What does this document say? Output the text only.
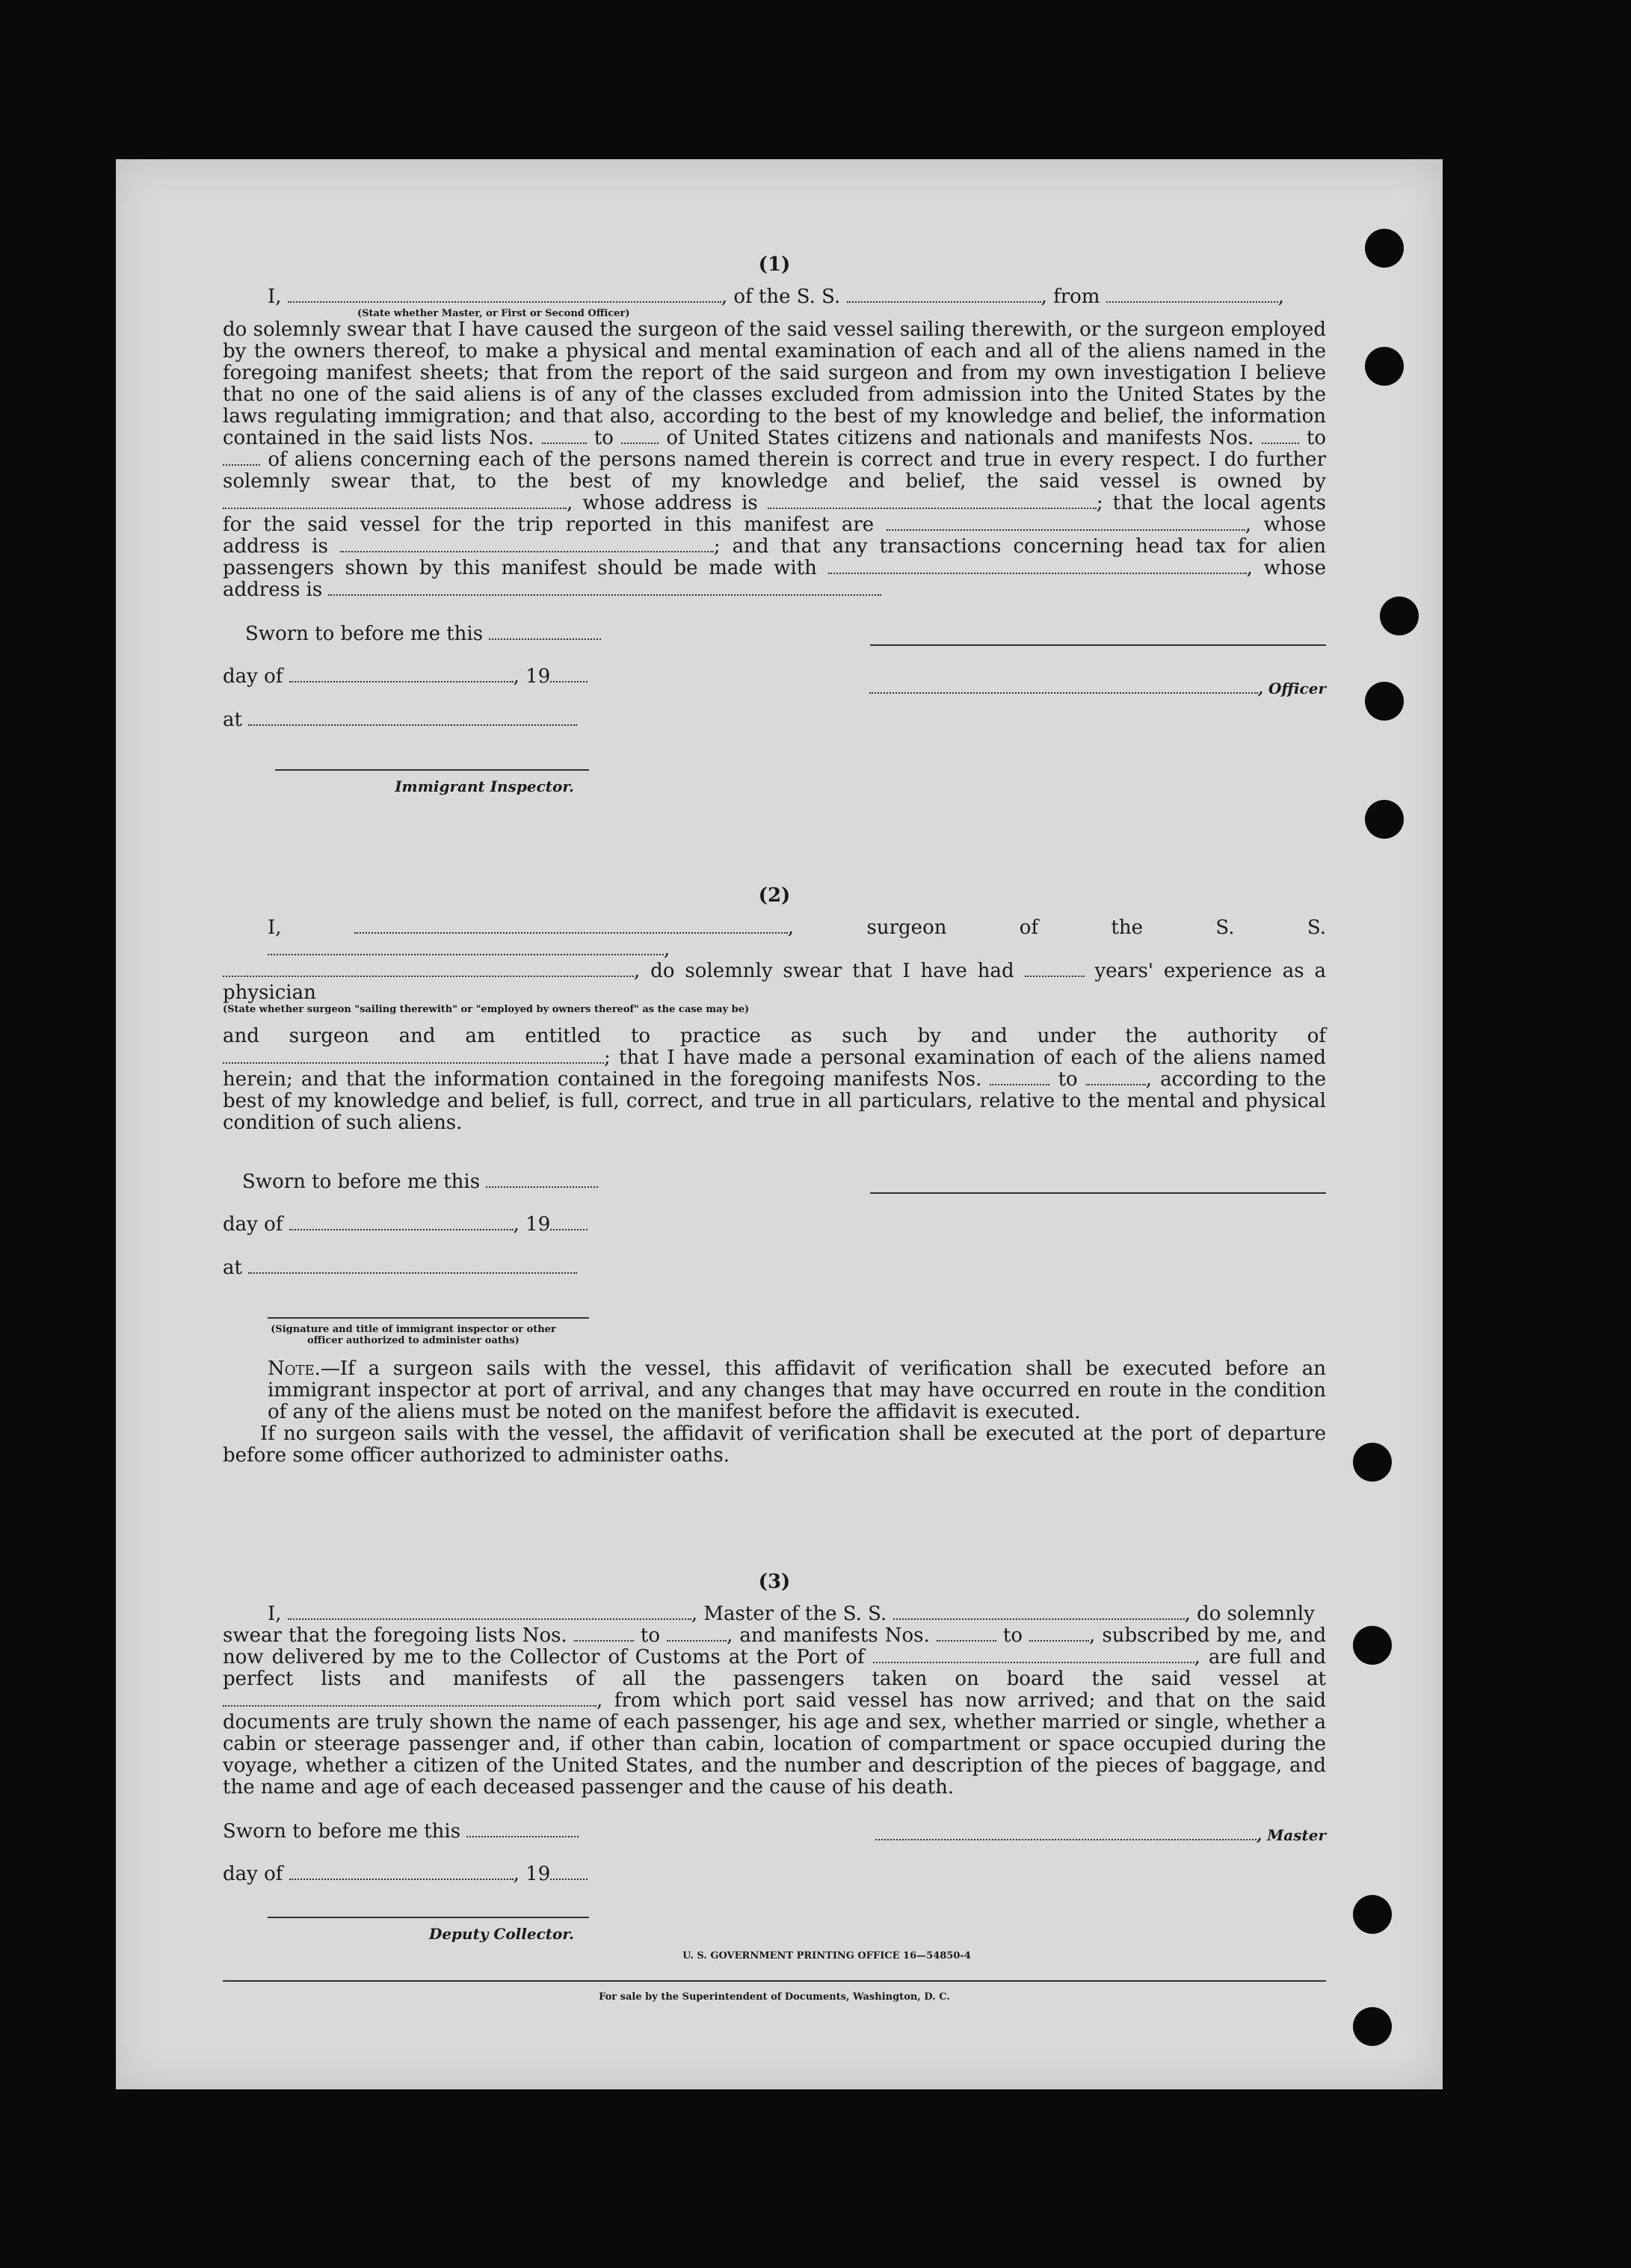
(1)

I,	, of the S. S.	, from	,

(State whether Master, or First or Second Officer)

do solemnly swear that I have caused the surgeon of the said vessel sailing therewith, or the surgeon employed by the owners thereof, to make a physical and mental examination of each and all of the aliens named in the foregoing manifest sheets; that from the report of the said surgeon and from my own investigation I believe that no one of the said aliens is of any of the classes excluded from admission into the United States by the laws regulating immigration; and that also, according to the best of my knowledge and belief, the information contained in the said lists Nos.	to	of United States citizens and nationals and manifests Nos.	to  of aliens concerning each of the persons named therein is correct and true in every respect. I do further solemnly swear that, to the best of my knowledge and belief, the said vessel is owned by , whose address is	; that the local agents for the said vessel for the trip reported in this manifest are	, whose address is	; and that any transactions concerning head tax for alien passengers shown by this manifest should be made with	, whose address is

Sworn to before me this
day of	, 19
at
Immigrant Inspector.
, Officer
(2)

I,	, surgeon of the S. S. ,

, do solemnly swear that I have had	years' experience as a physician

(State whether surgeon "sailing therewith" or "employed by owners thereof" as the case may be)

and surgeon and am entitled to practice as such by and under the authority of ; that I have made a personal examination of each of the aliens named herein; and that the information contained in the foregoing manifests Nos.	to	, according to the best of my knowledge and belief, is full, correct, and true in all particulars, relative to the mental and physical condition of such aliens.

Sworn to before me this
day of	, 19
at
(Signature and title of immigrant inspector or other officer authorized to administer oaths)

Note.—If a surgeon sails with the vessel, this affidavit of verification shall be executed before an immigrant inspector at port of arrival, and any changes that may have occurred en route in the condition of any of the aliens must be noted on the manifest before the affidavit is executed.

If no surgeon sails with the vessel, the affidavit of verification shall be executed at the port of departure before some officer authorized to administer oaths.

(3)

I,	, Master of the S. S.	, do solemnly

swear that the foregoing lists Nos.	to	, and manifests Nos.	to	, subscribed by me, and now delivered by me to the Collector of Customs at the Port of	, are full and perfect lists and manifests of all the passengers taken on board the said vessel at , from which port said vessel has now arrived; and that on the said documents are truly shown the name of each passenger, his age and sex, whether married or single, whether a cabin or steerage passenger and, if other than cabin, location of compartment or space occupied during the voyage, whether a citizen of the United States, and the number and description of the pieces of baggage, and the name and age of each deceased passenger and the cause of his death.

Sworn to before me this
day of	, 19
Deputy Collector.
, Master
U. S. GOVERNMENT PRINTING OFFICE 16—54850-4
For sale by the Superintendent of Documents, Washington, D. C.
